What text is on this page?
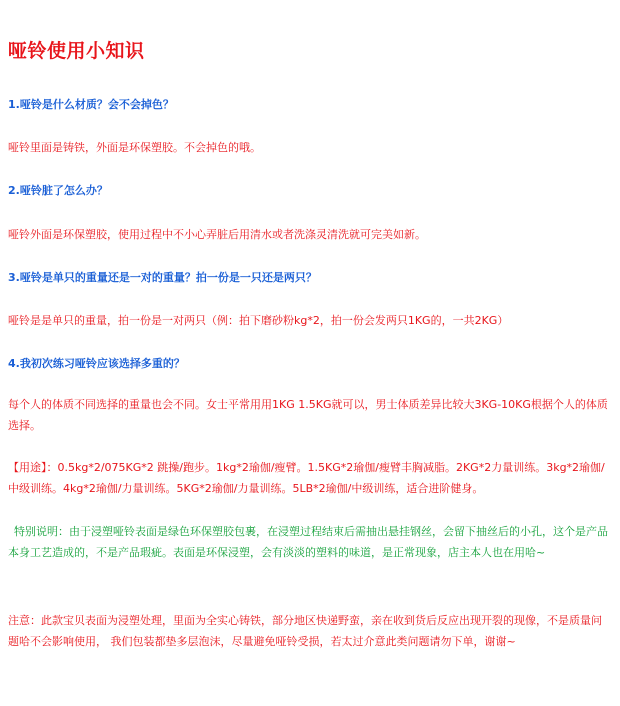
哑铃使用小知识
1.哑铃是什么材质？会不会掉色？
哑铃里面是铸铁，外面是环保塑胶。不会掉色的哦。
2.哑铃脏了怎么办？
哑铃外面是环保塑胶，使用过程中不小心弄脏后用清水或者洗涤灵清洗就可完美如新。
3.哑铃是单只的重量还是一对的重量？拍一份是一只还是两只？
哑铃是是单只的重量，拍一份是一对两只（例：拍下磨砂粉kg*2，拍一份会发两只1KG的，一共2KG）
4.我初次练习哑铃应该选择多重的？
每个人的体质不同选择的重量也会不同。女士平常用用1KG 1.5KG就可以，男士体质差异比较大3KG-10KG根据个人的体质选择。
【用途】：0.5kg*2/075KG*2 跳操/跑步。1kg*2瑜伽/瘦臂。1.5KG*2瑜伽/瘦臂丰胸减脂。2KG*2力量训练。3kg*2瑜伽/中级训练。4kg*2瑜伽/力量训练。5KG*2瑜伽/力量训练。5LB*2瑜伽/中级训练，适合进阶健身。
特别说明：由于浸塑哑铃表面是绿色环保塑胶包裹，在浸塑过程结束后需抽出悬挂钢丝，会留下抽丝后的小孔，这个是产品本身工艺造成的，不是产品瑕疵。表面是环保浸塑，会有淡淡的塑料的味道，是正常现象，店主本人也在用哈~
注意：此款宝贝表面为浸塑处理，里面为全实心铸铁，部分地区快递野蛮，亲在收到货后反应出现开裂的现像，不是质量问题哈不会影响使用， 我们包装都垫多层泡沫，尽量避免哑铃受损，若太过介意此类问题请勿下单，谢谢~
